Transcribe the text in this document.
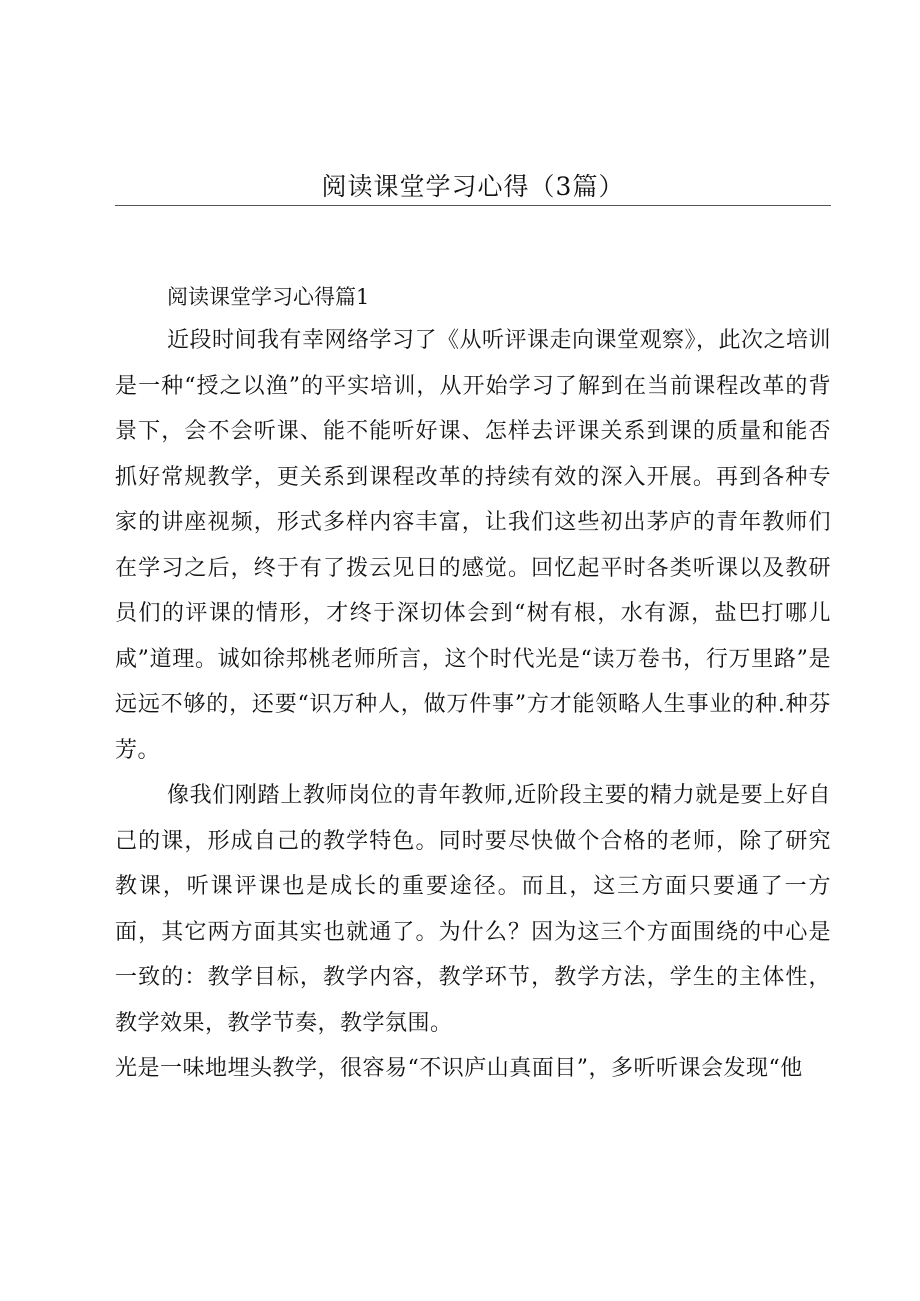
阅读课堂学习心得（3篇）
阅读课堂学习心得篇1

近段时间我有幸网络学习了《从听评课走向课堂观察》，此次之培训是一种“授之以渔”的平实培训，从开始学习了解到在当前课程改革的背景下，会不会听课、能不能听好课、怎样去评课关系到课的质量和能否抓好常规教学，更关系到课程改革的持续有效的深入开展。再到各种专家的讲座视频，形式多样内容丰富，让我们这些初出茅庐的青年教师们在学习之后，终于有了拨云见日的感觉。回忆起平时各类听课以及教研员们的评课的情形，才终于深切体会到“树有根，水有源，盐巴打哪儿咸”道理。诚如徐邦桃老师所言，这个时代光是“读万卷书，行万里路”是远远不够的，还要“识万种人，做万件事”方才能领略人生事业的种.种芬芳。

像我们刚踏上教师岗位的青年教师,近阶段主要的精力就是要上好自己的课，形成自己的教学特色。同时要尽快做个合格的老师，除了研究教课，听课评课也是成长的重要途径。而且，这三方面只要通了一方面，其它两方面其实也就通了。为什么？因为这三个方面围绕的中心是一致的：教学目标，教学内容，教学环节，教学方法，学生的主体性，教学效果，教学节奏，教学氛围。

光是一味地埋头教学，很容易“不识庐山真面目”，多听听课会发现“他
